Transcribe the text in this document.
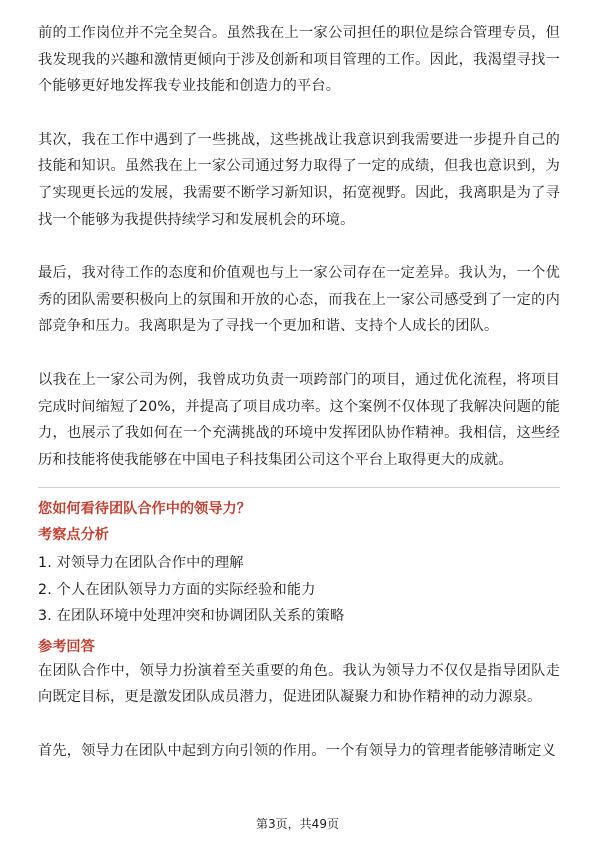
前的工作岗位并不完全契合。虽然我在上一家公司担任的职位是综合管理专员，但我发现我的兴趣和激情更倾向于涉及创新和项目管理的工作。因此，我渴望寻找一个能够更好地发挥我专业技能和创造力的平台。

其次，我在工作中遇到了一些挑战，这些挑战让我意识到我需要进一步提升自己的技能和知识。虽然我在上一家公司通过努力取得了一定的成绩，但我也意识到，为了实现更长远的发展，我需要不断学习新知识，拓宽视野。因此，我离职是为了寻找一个能够为我提供持续学习和发展机会的环境。

最后，我对待工作的态度和价值观也与上一家公司存在一定差异。我认为，一个优秀的团队需要积极向上的氛围和开放的心态，而我在上一家公司感受到了一定的内部竞争和压力。我离职是为了寻找一个更加和谐、支持个人成长的团队。

以我在上一家公司为例，我曾成功负责一项跨部门的项目，通过优化流程，将项目完成时间缩短了20%，并提高了项目成功率。这个案例不仅体现了我解决问题的能力，也展示了我如何在一个充满挑战的环境中发挥团队协作精神。我相信，这些经历和技能将使我能够在中国电子科技集团公司这个平台上取得更大的成就。

您如何看待团队合作中的领导力？
考察点分析
1. 对领导力在团队合作中的理解
2. 个人在团队领导力方面的实际经验和能力
3. 在团队环境中处理冲突和协调团队关系的策略
参考回答

在团队合作中，领导力扮演着至关重要的角色。我认为领导力不仅仅是指导团队走向既定目标，更是激发团队成员潜力，促进团队凝聚力和协作精神的动力源泉。

首先，领导力在团队中起到方向引领的作用。一个有领导力的管理者能够清晰定义

第3页，共49页
